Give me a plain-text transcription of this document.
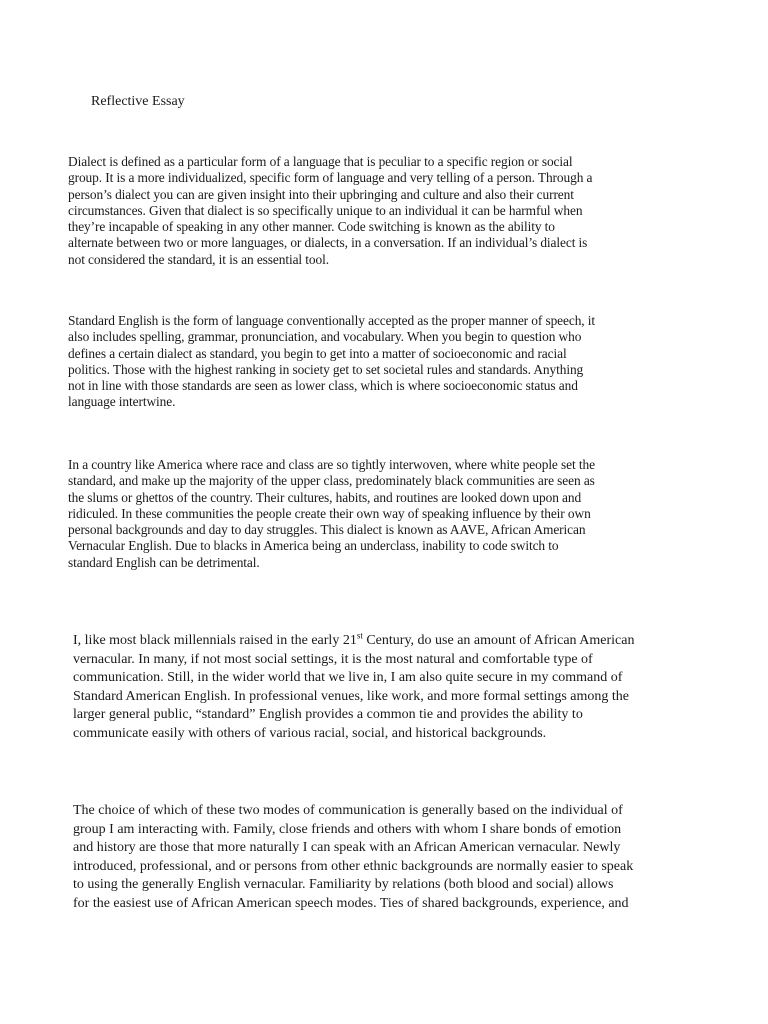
Reflective Essay

Dialect is defined as a particular form of a language that is peculiar to a specific region or social
group. It is a more individualized, specific form of language and very telling of a person. Through a
person’s dialect you can are given insight into their upbringing and culture and also their current
circumstances. Given that dialect is so specifically unique to an individual it can be harmful when
they’re incapable of speaking in any other manner. Code switching is known as the ability to
alternate between two or more languages, or dialects, in a conversation. If an individual’s dialect is
not considered the standard, it is an essential tool.

Standard English is the form of language conventionally accepted as the proper manner of speech, it
also includes spelling, grammar, pronunciation, and vocabulary. When you begin to question who
defines a certain dialect as standard, you begin to get into a matter of socioeconomic and racial
politics. Those with the highest ranking in society get to set societal rules and standards. Anything
not in line with those standards are seen as lower class, which is where socioeconomic status and
language intertwine.

In a country like America where race and class are so tightly interwoven, where white people set the
standard, and make up the majority of the upper class, predominately black communities are seen as
the slums or ghettos of the country. Their cultures, habits, and routines are looked down upon and
ridiculed. In these communities the people create their own way of speaking influence by their own
personal backgrounds and day to day struggles. This dialect is known as AAVE, African American
Vernacular English. Due to blacks in America being an underclass, inability to code switch to
standard English can be detrimental.

I, like most black millennials raised in the early 21st Century, do use an amount of African American
vernacular. In many, if not most social settings, it is the most natural and comfortable type of
communication. Still, in the wider world that we live in, I am also quite secure in my command of
Standard American English. In professional venues, like work, and more formal settings among the
larger general public, “standard” English provides a common tie and provides the ability to
communicate easily with others of various racial, social, and historical backgrounds.

The choice of which of these two modes of communication is generally based on the individual of
group I am interacting with. Family, close friends and others with whom I share bonds of emotion
and history are those that more naturally I can speak with an African American vernacular. Newly
introduced, professional, and or persons from other ethnic backgrounds are normally easier to speak
to using the generally English vernacular. Familiarity by relations (both blood and social) allows
for the easiest use of African American speech modes. Ties of shared backgrounds, experience, and
